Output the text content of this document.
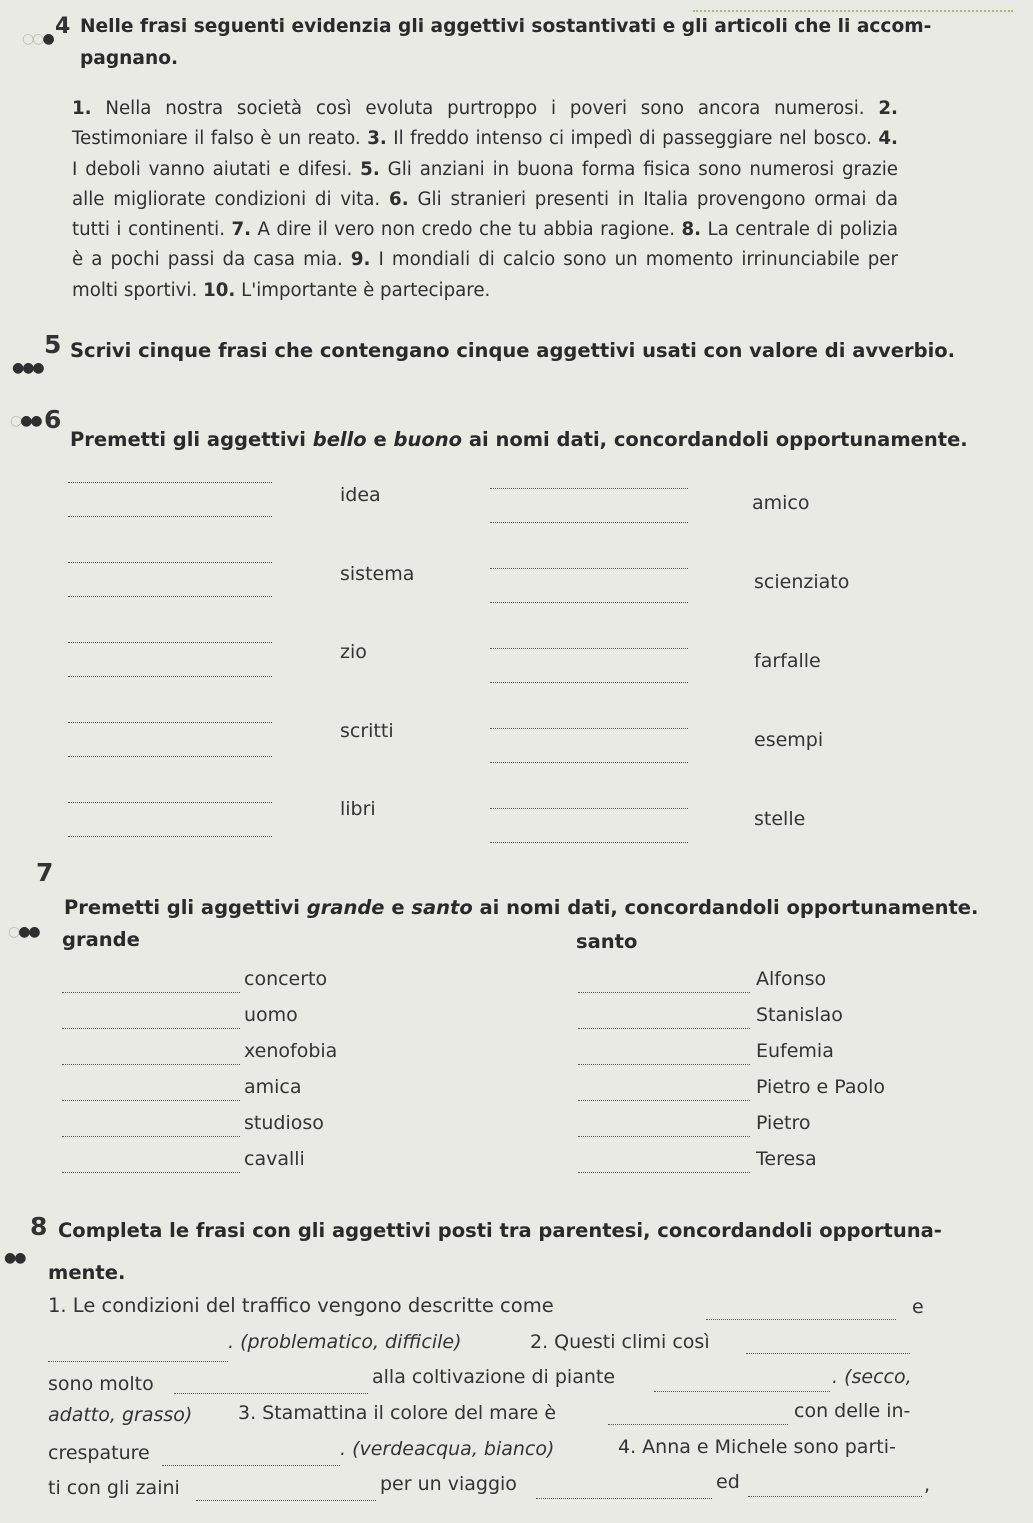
4
○○●
Nelle frasi seguenti evidenzia gli aggettivi sostantivati e gli articoli che li accom-
pagnano.
1. Nella nostra società così evoluta purtroppo i poveri sono ancora numerosi. 2. Testimoniare il falso è un reato. 3. Il freddo intenso ci impedì di passeggiare nel bosco. 4. I deboli vanno aiutati e difesi. 5. Gli anziani in buona forma fisica sono numerosi grazie alle migliorate condizioni di vita. 6. Gli stranieri presenti in Italia provengono ormai da tutti i continenti. 7. A dire il vero non credo che tu abbia ragione. 8. La centrale di polizia è a pochi passi da casa mia. 9. I mondiali di calcio sono un momento irrinunciabile per molti sportivi. 10. L'importante è partecipare.
5
●●●
Scrivi cinque frasi che contengano cinque aggettivi usati con valore di avverbio.
6
○●●
Premetti gli aggettivi bello e buono ai nomi dati, concordandoli opportunamente.
idea	amico
sistema	scienziato
zio	farfalle
scritti	esempi
libri	stelle
7
○●●
Premetti gli aggettivi grande e santo ai nomi dati, concordandoli opportunamente.
grande	santo
concerto	Alfonso
uomo	Stanislao
xenofobia	Eufemia
amica	Pietro e Paolo
studioso	Pietro
cavalli	Teresa
8
●●
Completa le frasi con gli aggettivi posti tra parentesi, concordandoli opportuna-
mente.
1. Le condizioni del traffico vengono descritte come	e
. (problematico, difficile)	2. Questi climi così
sono molto	alla coltivazione di piante	. (secco,
adatto, grasso) 3. Stamattina il colore del mare è	con delle in-
crespature	. (verdeacqua, bianco)	4. Anna e Michele sono parti-
ti con gli zaini	per un viaggio	ed	,
